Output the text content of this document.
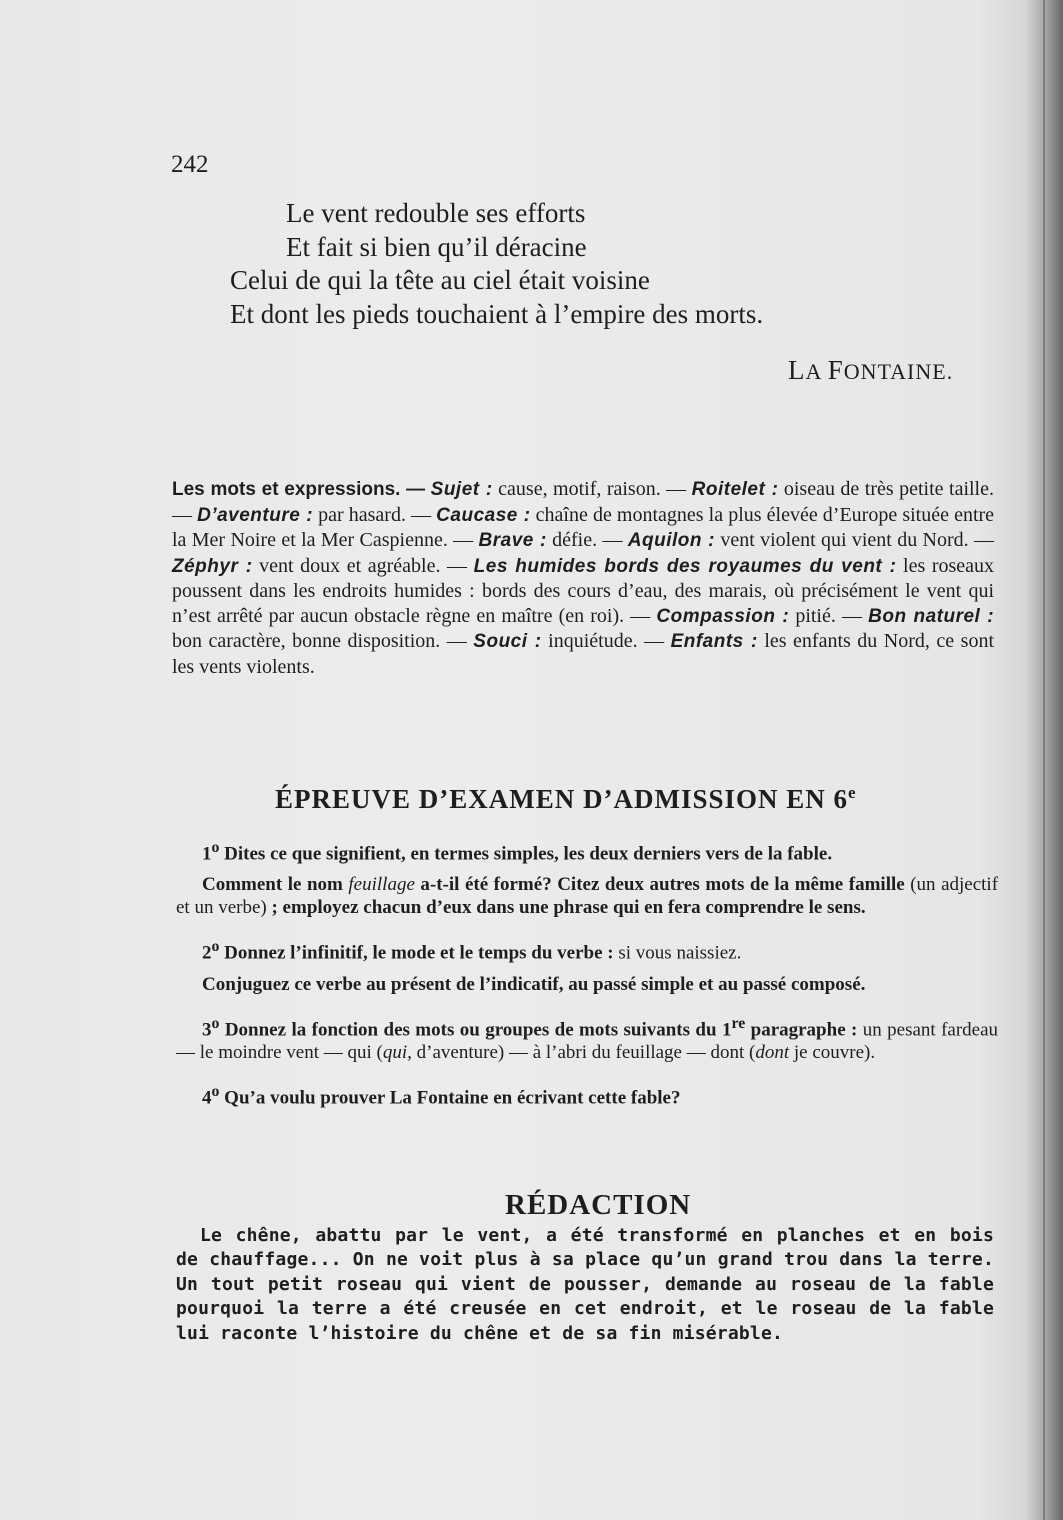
242
Le vent redouble ses efforts
Et fait si bien qu’il déracine
Celui de qui la tête au ciel était voisine
Et dont les pieds touchaient à l’empire des morts.
LA FONTAINE.
Les mots et expressions. — Sujet : cause, motif, raison. — Roitelet : oiseau de très petite taille. — D’aventure : par hasard. — Caucase : chaîne de montagnes la plus élevée d’Europe située entre la Mer Noire et la Mer Caspienne. — Brave : défie. — Aquilon : vent violent qui vient du Nord. — Zéphyr : vent doux et agréable. — Les humides bords des royaumes du vent : les roseaux poussent dans les endroits humides : bords des cours d’eau, des marais, où précisément le vent qui n’est arrêté par aucun obstacle règne en maître (en roi). — Compassion : pitié. — Bon naturel : bon caractère, bonne disposition. — Souci : inquiétude. — Enfants : les enfants du Nord, ce sont les vents violents.
ÉPREUVE D’EXAMEN D’ADMISSION EN 6e

1$^o$ Dites ce que signifient, en termes simples, les deux derniers vers de la fable.

Comment le nom feuillage a-t-il été formé? Citez deux autres mots de la même famille (un adjectif et un verbe) ; employez chacun d’eux dans une phrase qui en fera comprendre le sens.

2$^o$ Donnez l’infinitif, le mode et le temps du verbe : si vous naissiez.

Conjuguez ce verbe au présent de l’indicatif, au passé simple et au passé composé.

3$^o$ Donnez la fonction des mots ou groupes de mots suivants du 1re paragraphe : un pesant fardeau — le moindre vent — qui (qui, d’aventure) — à l’abri du feuillage — dont (dont je couvre).

4$^o$ Qu’a voulu prouver La Fontaine en écrivant cette fable?

RÉDACTION
Le chêne, abattu par le vent, a été transformé en planches et en bois de chauffage... On ne voit plus à sa place qu’un grand trou dans la terre. Un tout petit roseau qui vient de pousser, demande au roseau de la fable pourquoi la terre a été creusée en cet endroit, et le roseau de la fable lui raconte l’histoire du chêne et de sa fin misérable.
